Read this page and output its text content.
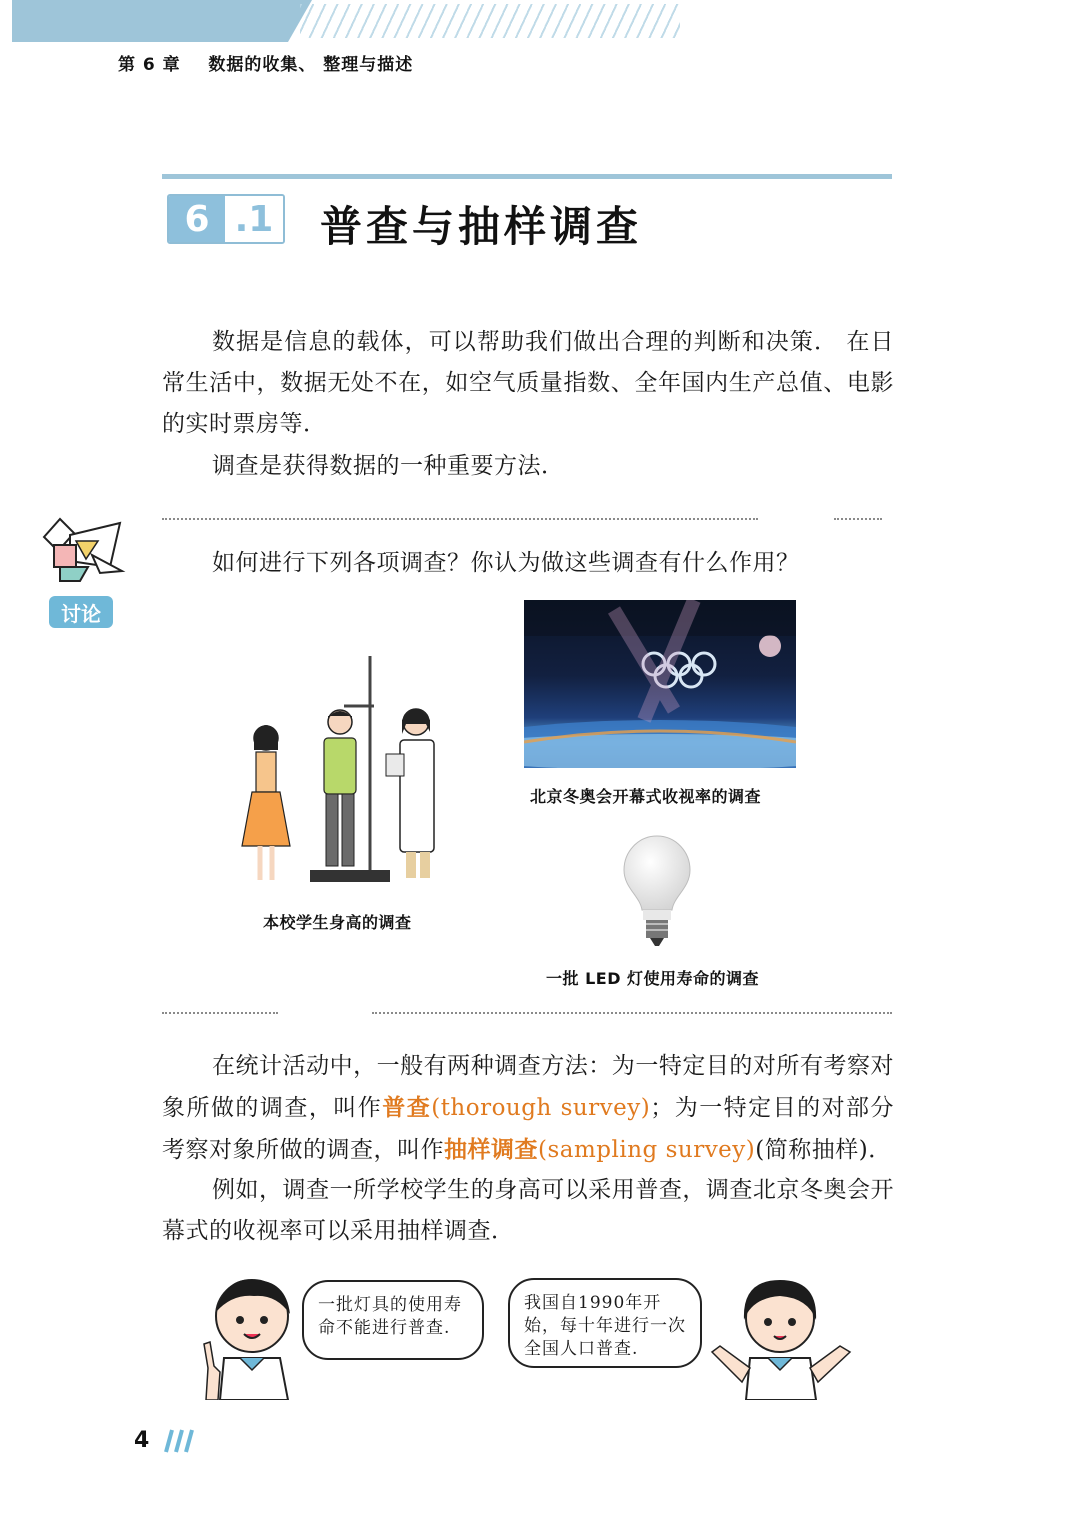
第 6 章    数据的收集、 整理与描述
6 .1 普查与抽样调查

数据是信息的载体，可以帮助我们做出合理的判断和决策． 在日常生活中，数据无处不在，如空气质量指数、全年国内生产总值、电影的实时票房等．

调查是获得数据的一种重要方法．

讨论
如何进行下列各项调查？你认为做这些调查有什么作用？
北京冬奥会开幕式收视率的调查
本校学生身高的调查
一批 LED 灯使用寿命的调查

在统计活动中，一般有两种调查方法：为一特定目的对所有考察对象所做的调查，叫作普查(thorough survey)；为一特定目的对部分考察对象所做的调查，叫作抽样调查(sampling survey)(简称抽样)．

例如，调查一所学校学生的身高可以采用普查，调查北京冬奥会开幕式的收视率可以采用抽样调查．

一批灯具的使用寿命不能进行普查.
我国自1990年开始，每十年进行一次全国人口普查.
4
